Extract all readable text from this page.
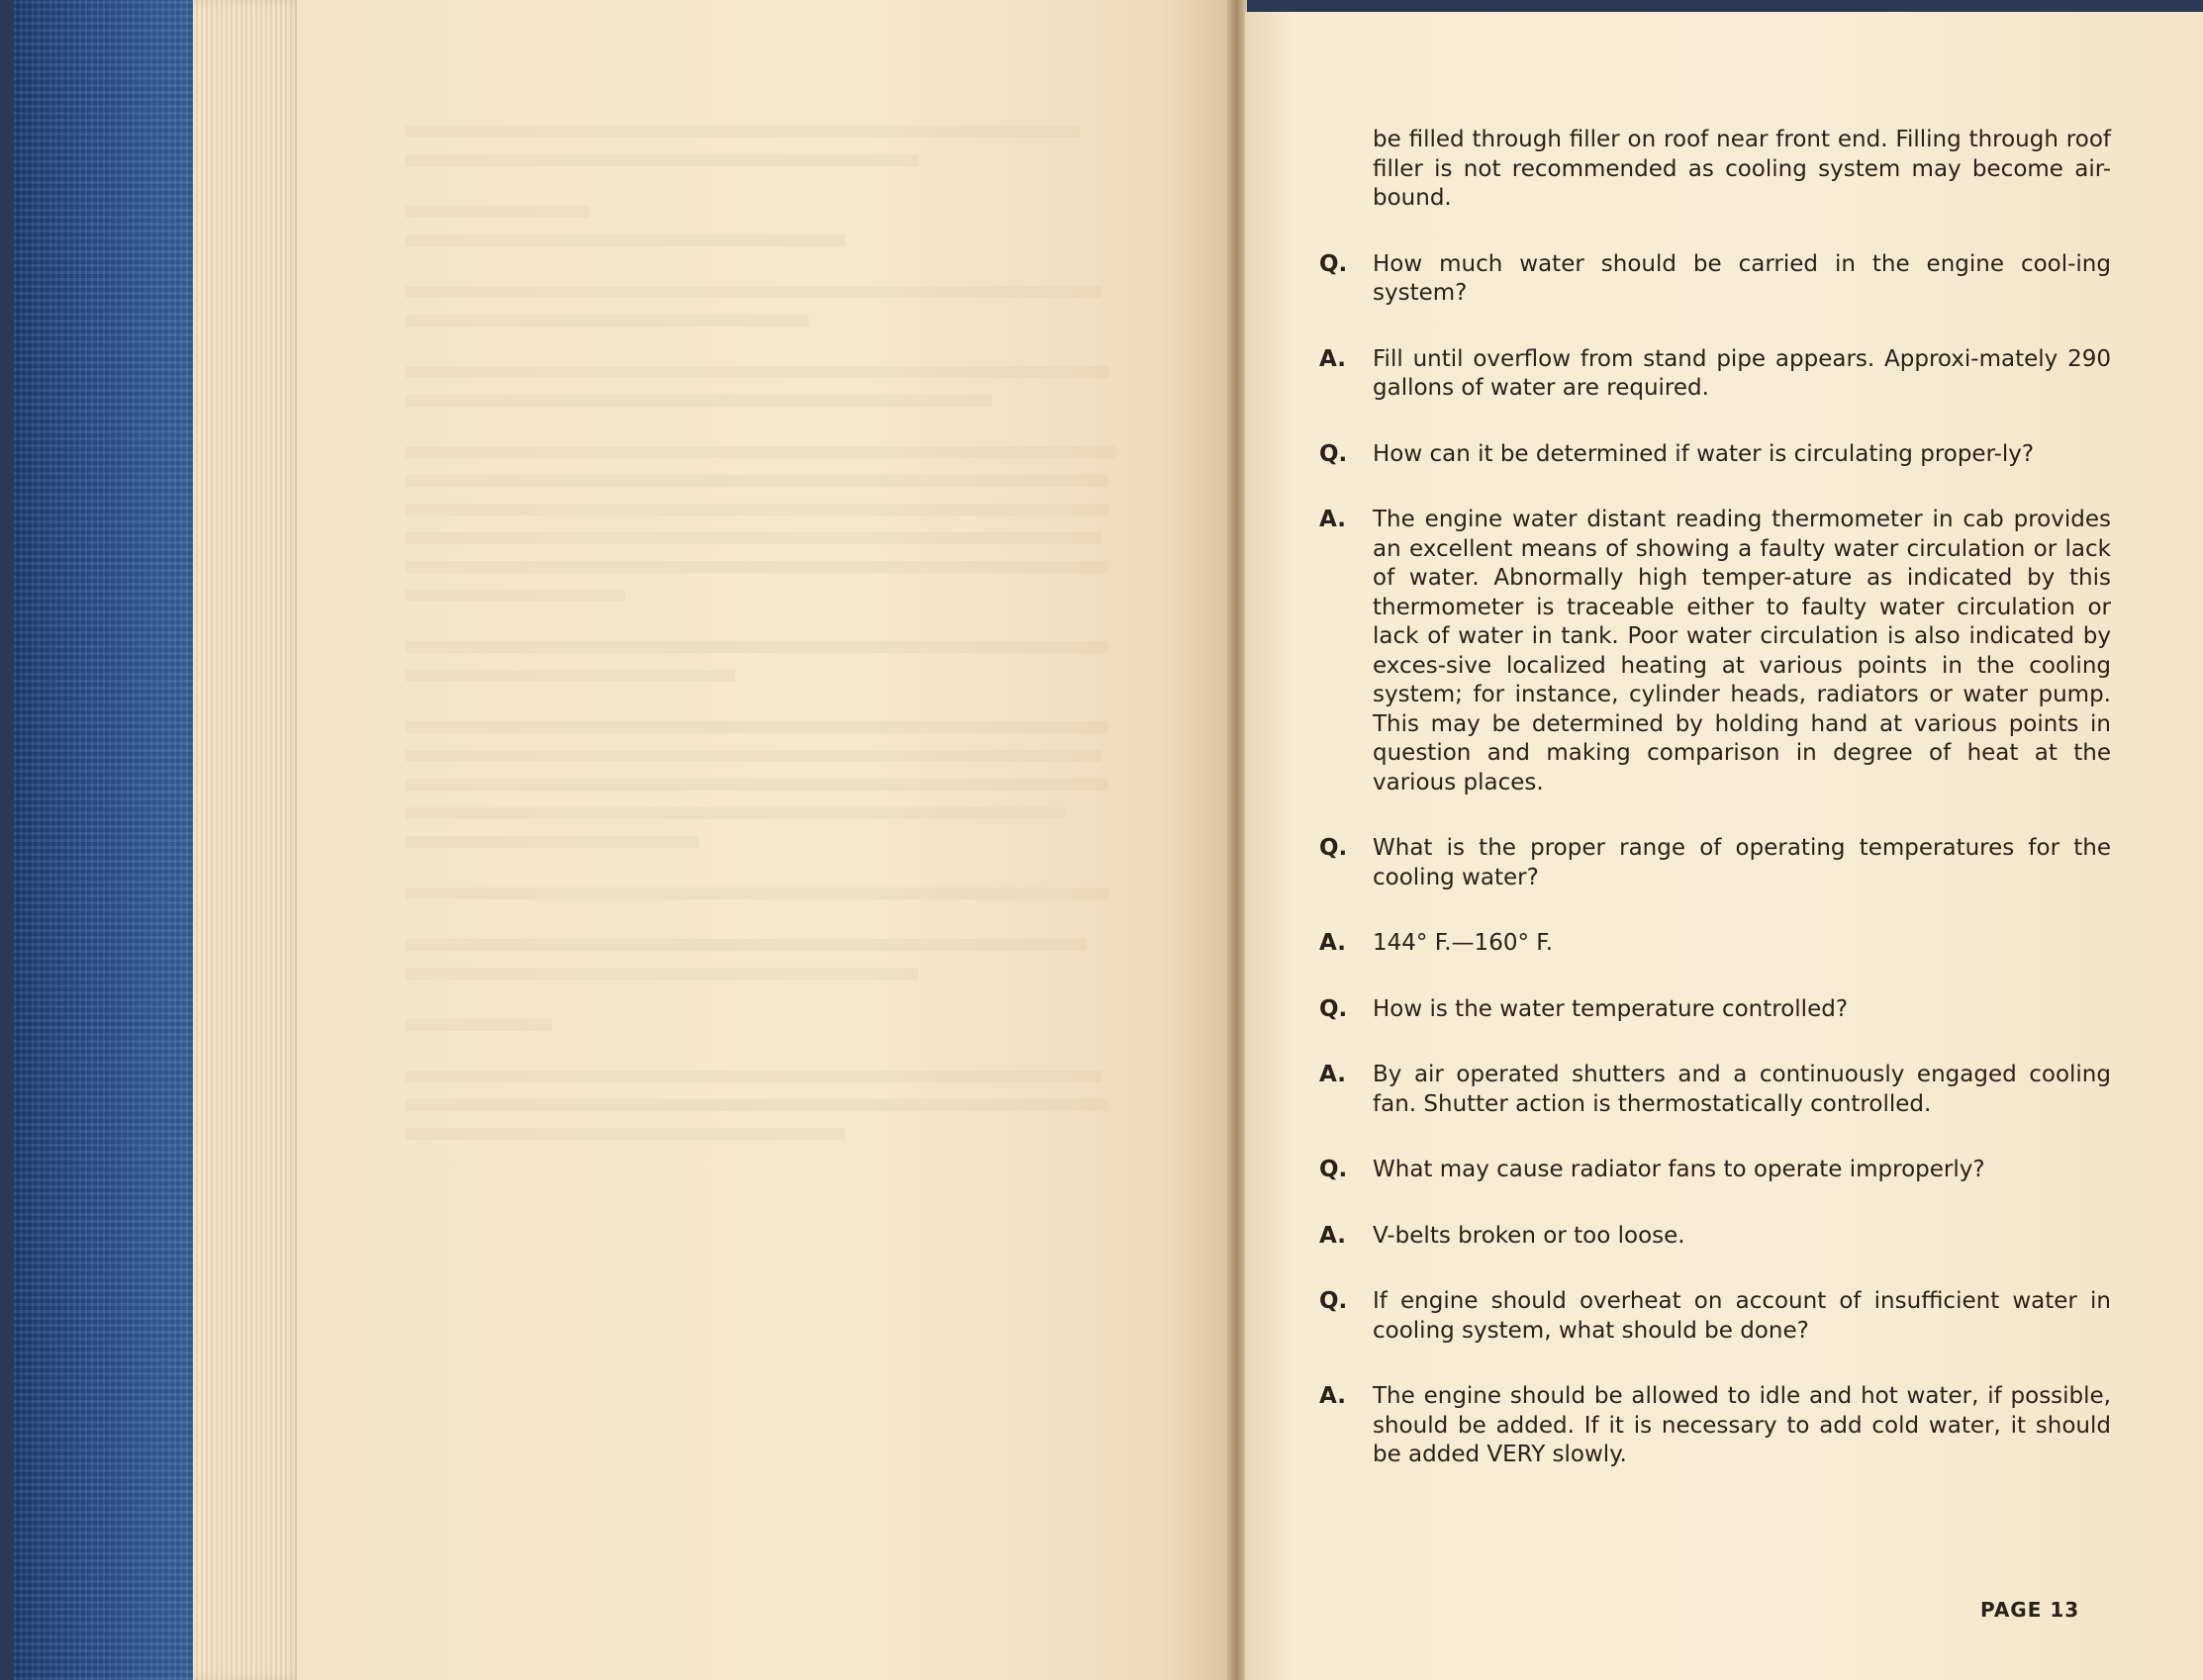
be filled through filler on roof near front end. Filling through roof filler is not recommended as cooling system may become air-bound.
Q.	How much water should be carried in the engine cool-ing system?
A.	Fill until overflow from stand pipe appears. Approxi-mately 290 gallons of water are required.
Q.	How can it be determined if water is circulating proper-ly?
A.	The engine water distant reading thermometer in cab provides an excellent means of showing a faulty water circulation or lack of water. Abnormally high temper-ature as indicated by this thermometer is traceable either to faulty water circulation or lack of water in tank. Poor water circulation is also indicated by exces-sive localized heating at various points in the cooling system; for instance, cylinder heads, radiators or water pump. This may be determined by holding hand at various points in question and making comparison in degree of heat at the various places.
Q.	What is the proper range of operating temperatures for the cooling water?
A.	144° F.—160° F.
Q.	How is the water temperature controlled?
A.	By air operated shutters and a continuously engaged cooling fan. Shutter action is thermostatically controlled.
Q.	What may cause radiator fans to operate improperly?
A.	V-belts broken or too loose.
Q.	If engine should overheat on account of insufficient water in cooling system, what should be done?
A.	The engine should be allowed to idle and hot water, if possible, should be added. If it is necessary to add cold water, it should be added VERY slowly.
PAGE 13
